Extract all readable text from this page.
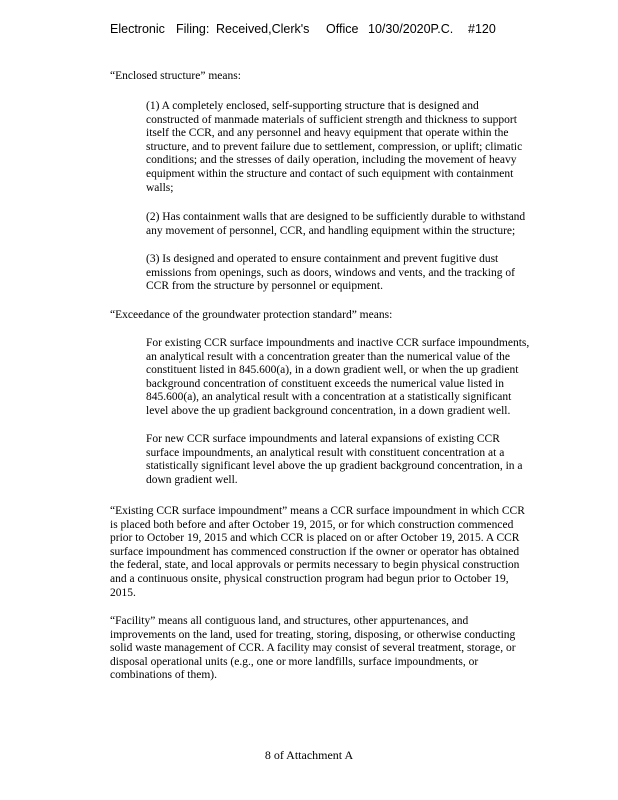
Electronic Filing: Received,Clerk's Office 10/30/2020P.C. #120
“Enclosed structure” means:
(1) A completely enclosed, self-supporting structure that is designed and
constructed of manmade materials of sufficient strength and thickness to support
itself the CCR, and any personnel and heavy equipment that operate within the
structure, and to prevent failure due to settlement, compression, or uplift; climatic
conditions; and the stresses of daily operation, including the movement of heavy
equipment within the structure and contact of such equipment with containment
walls;
(2) Has containment walls that are designed to be sufficiently durable to withstand
any movement of personnel, CCR, and handling equipment within the structure;
(3) Is designed and operated to ensure containment and prevent fugitive dust
emissions from openings, such as doors, windows and vents, and the tracking of
CCR from the structure by personnel or equipment.
“Exceedance of the groundwater protection standard” means:
For existing CCR surface impoundments and inactive CCR surface impoundments,
an analytical result with a concentration greater than the numerical value of the
constituent listed in 845.600(a), in a down gradient well, or when the up gradient
background concentration of constituent exceeds the numerical value listed in
845.600(a), an analytical result with a concentration at a statistically significant
level above the up gradient background concentration, in a down gradient well.
For new CCR surface impoundments and lateral expansions of existing CCR
surface impoundments, an analytical result with constituent concentration at a
statistically significant level above the up gradient background concentration, in a
down gradient well.
“Existing CCR surface impoundment” means a CCR surface impoundment in which CCR
is placed both before and after October 19, 2015, or for which construction commenced
prior to October 19, 2015 and which CCR is placed on or after October 19, 2015. A CCR
surface impoundment has commenced construction if the owner or operator has obtained
the federal, state, and local approvals or permits necessary to begin physical construction
and a continuous onsite, physical construction program had begun prior to October 19,
2015.
“Facility” means all contiguous land, and structures, other appurtenances, and
improvements on the land, used for treating, storing, disposing, or otherwise conducting
solid waste management of CCR. A facility may consist of several treatment, storage, or
disposal operational units (e.g., one or more landfills, surface impoundments, or
combinations of them).
8 of Attachment A
